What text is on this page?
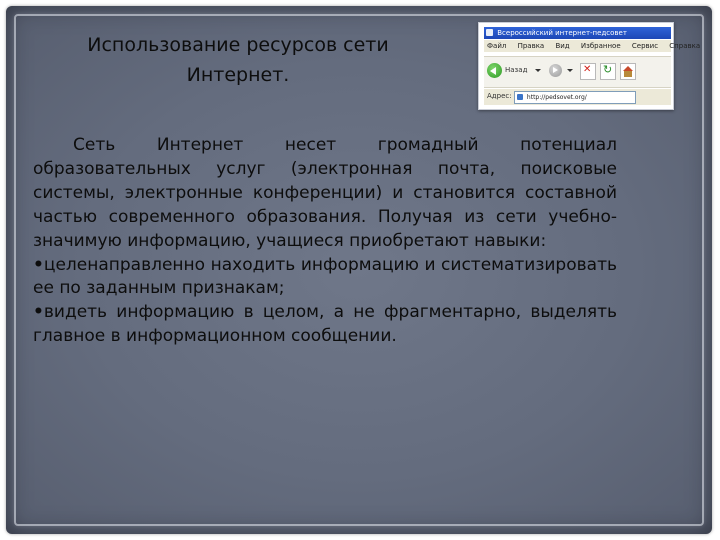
Использование ресурсов сети
Интернет.
Всероссийский интернет-педсовет
Файл Правка Вид Избранное Сервис Справка
Назад
✕
↻
Адрес:	http://pedsovet.org/

Сеть Интернет несет громадный потенциал образовательных услуг (электронная почта, поисковые системы, электронные конференции) и становится составной частью современного образования. Получая из сети учебно-значимую информацию, учащиеся приобретают навыки:

•целенаправленно находить информацию и систематизировать ее по заданным признакам;

•видеть информацию в целом, а не фрагментарно, выделять главное в информационном сообщении.
